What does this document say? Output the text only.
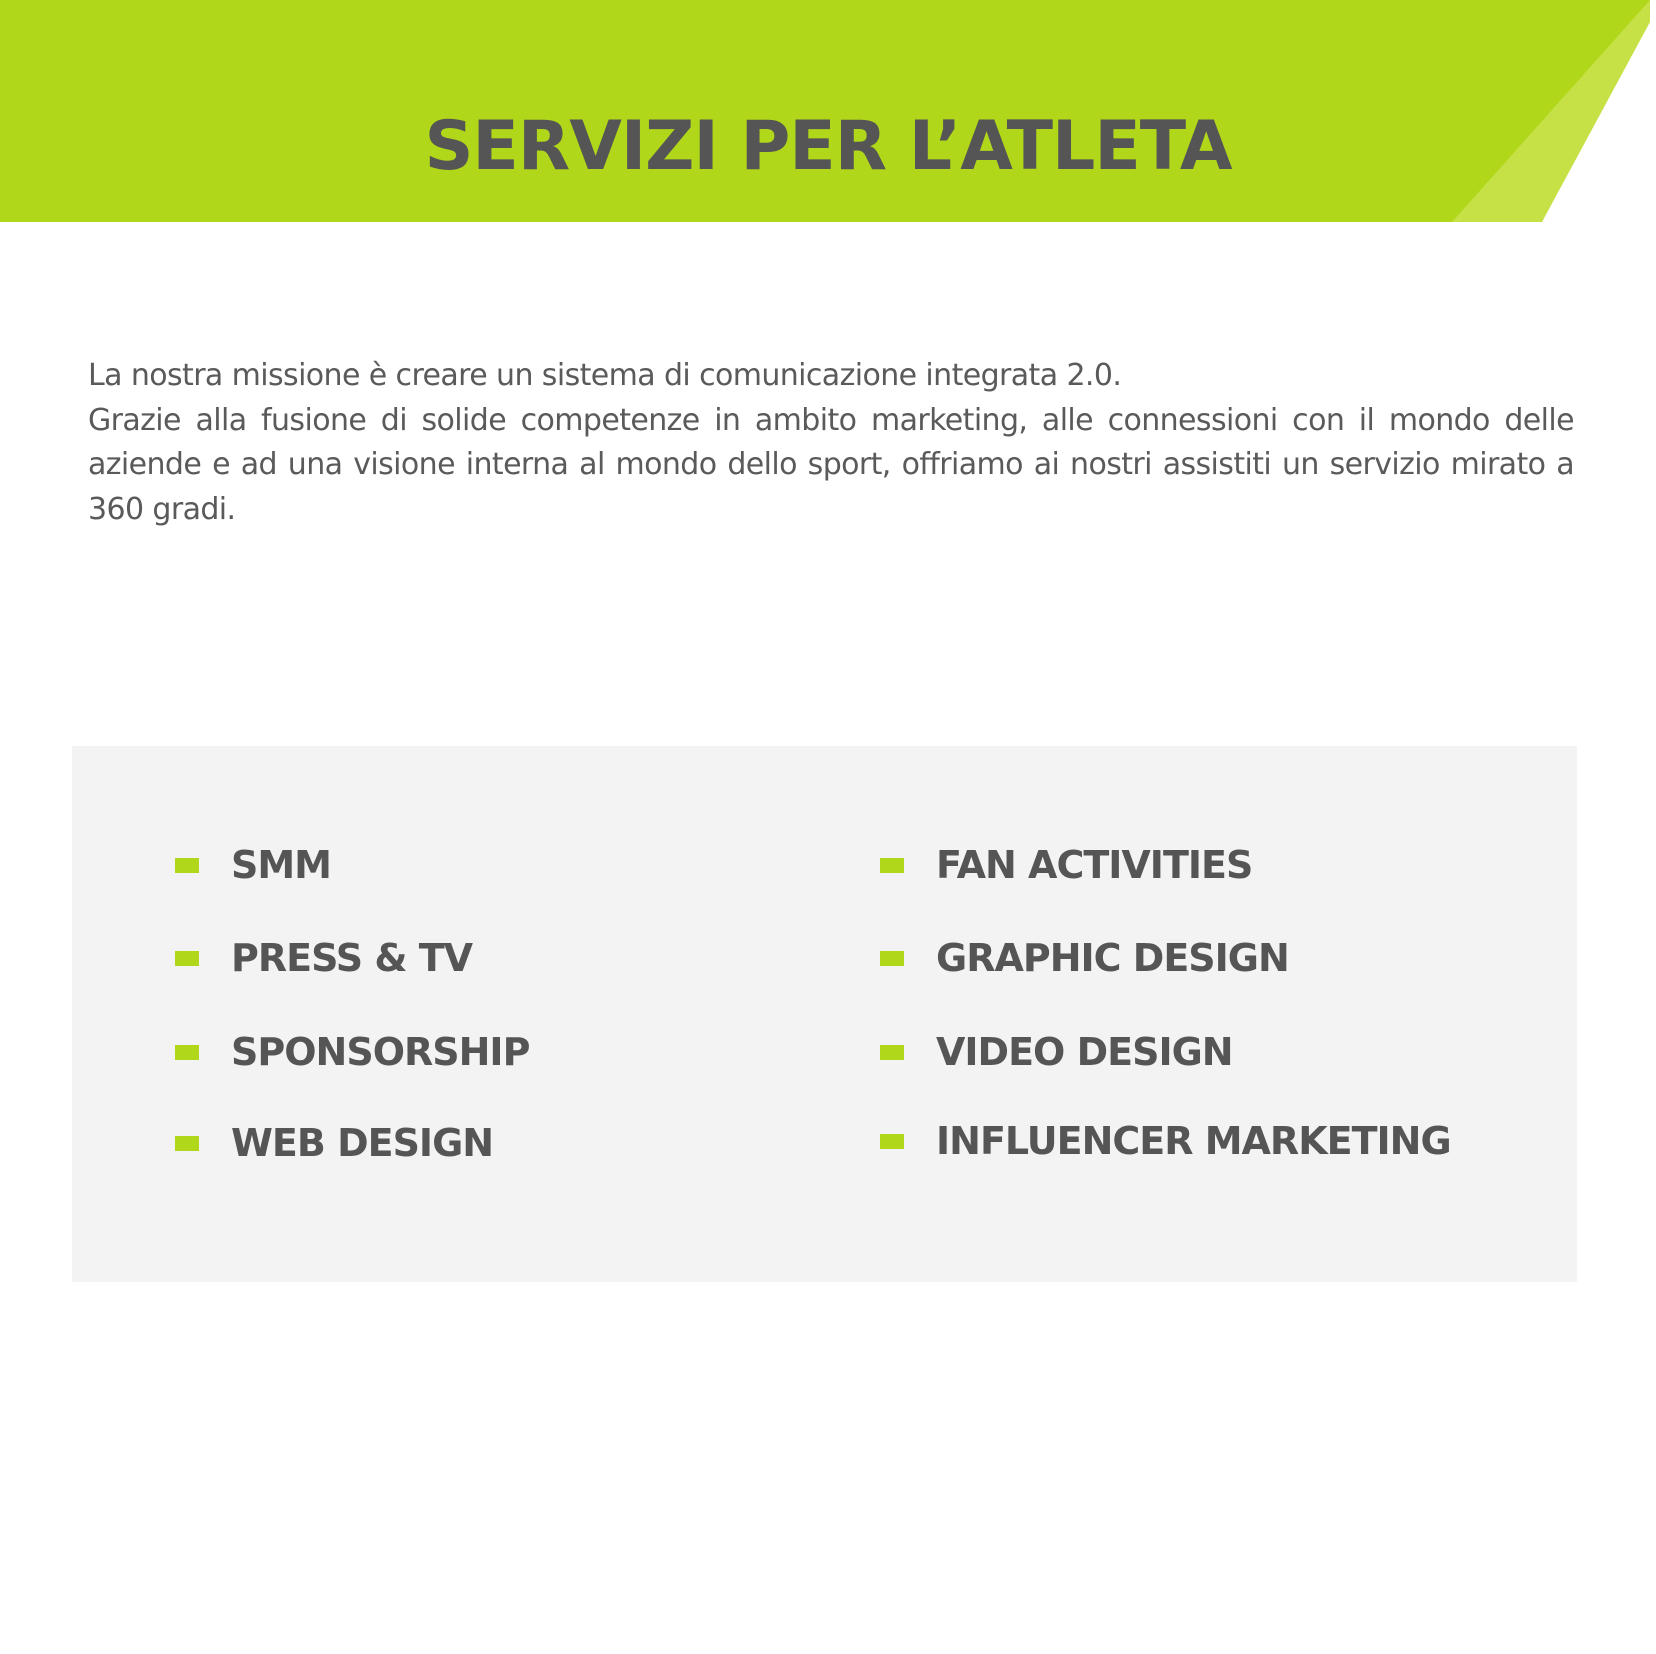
SERVIZI PER L’ATLETA

La nostra missione è creare un sistema di comunicazione integrata 2.0.

Grazie alla fusione di solide competenze in ambito marketing, alle connessioni con il mondo delle aziende e ad una visione interna al mondo dello sport, offriamo ai nostri assistiti un servizio mirato a 360 gradi.

SMM
PRESS & TV
SPONSORSHIP
WEB DESIGN
FAN ACTIVITIES
GRAPHIC DESIGN
VIDEO DESIGN
INFLUENCER MARKETING
